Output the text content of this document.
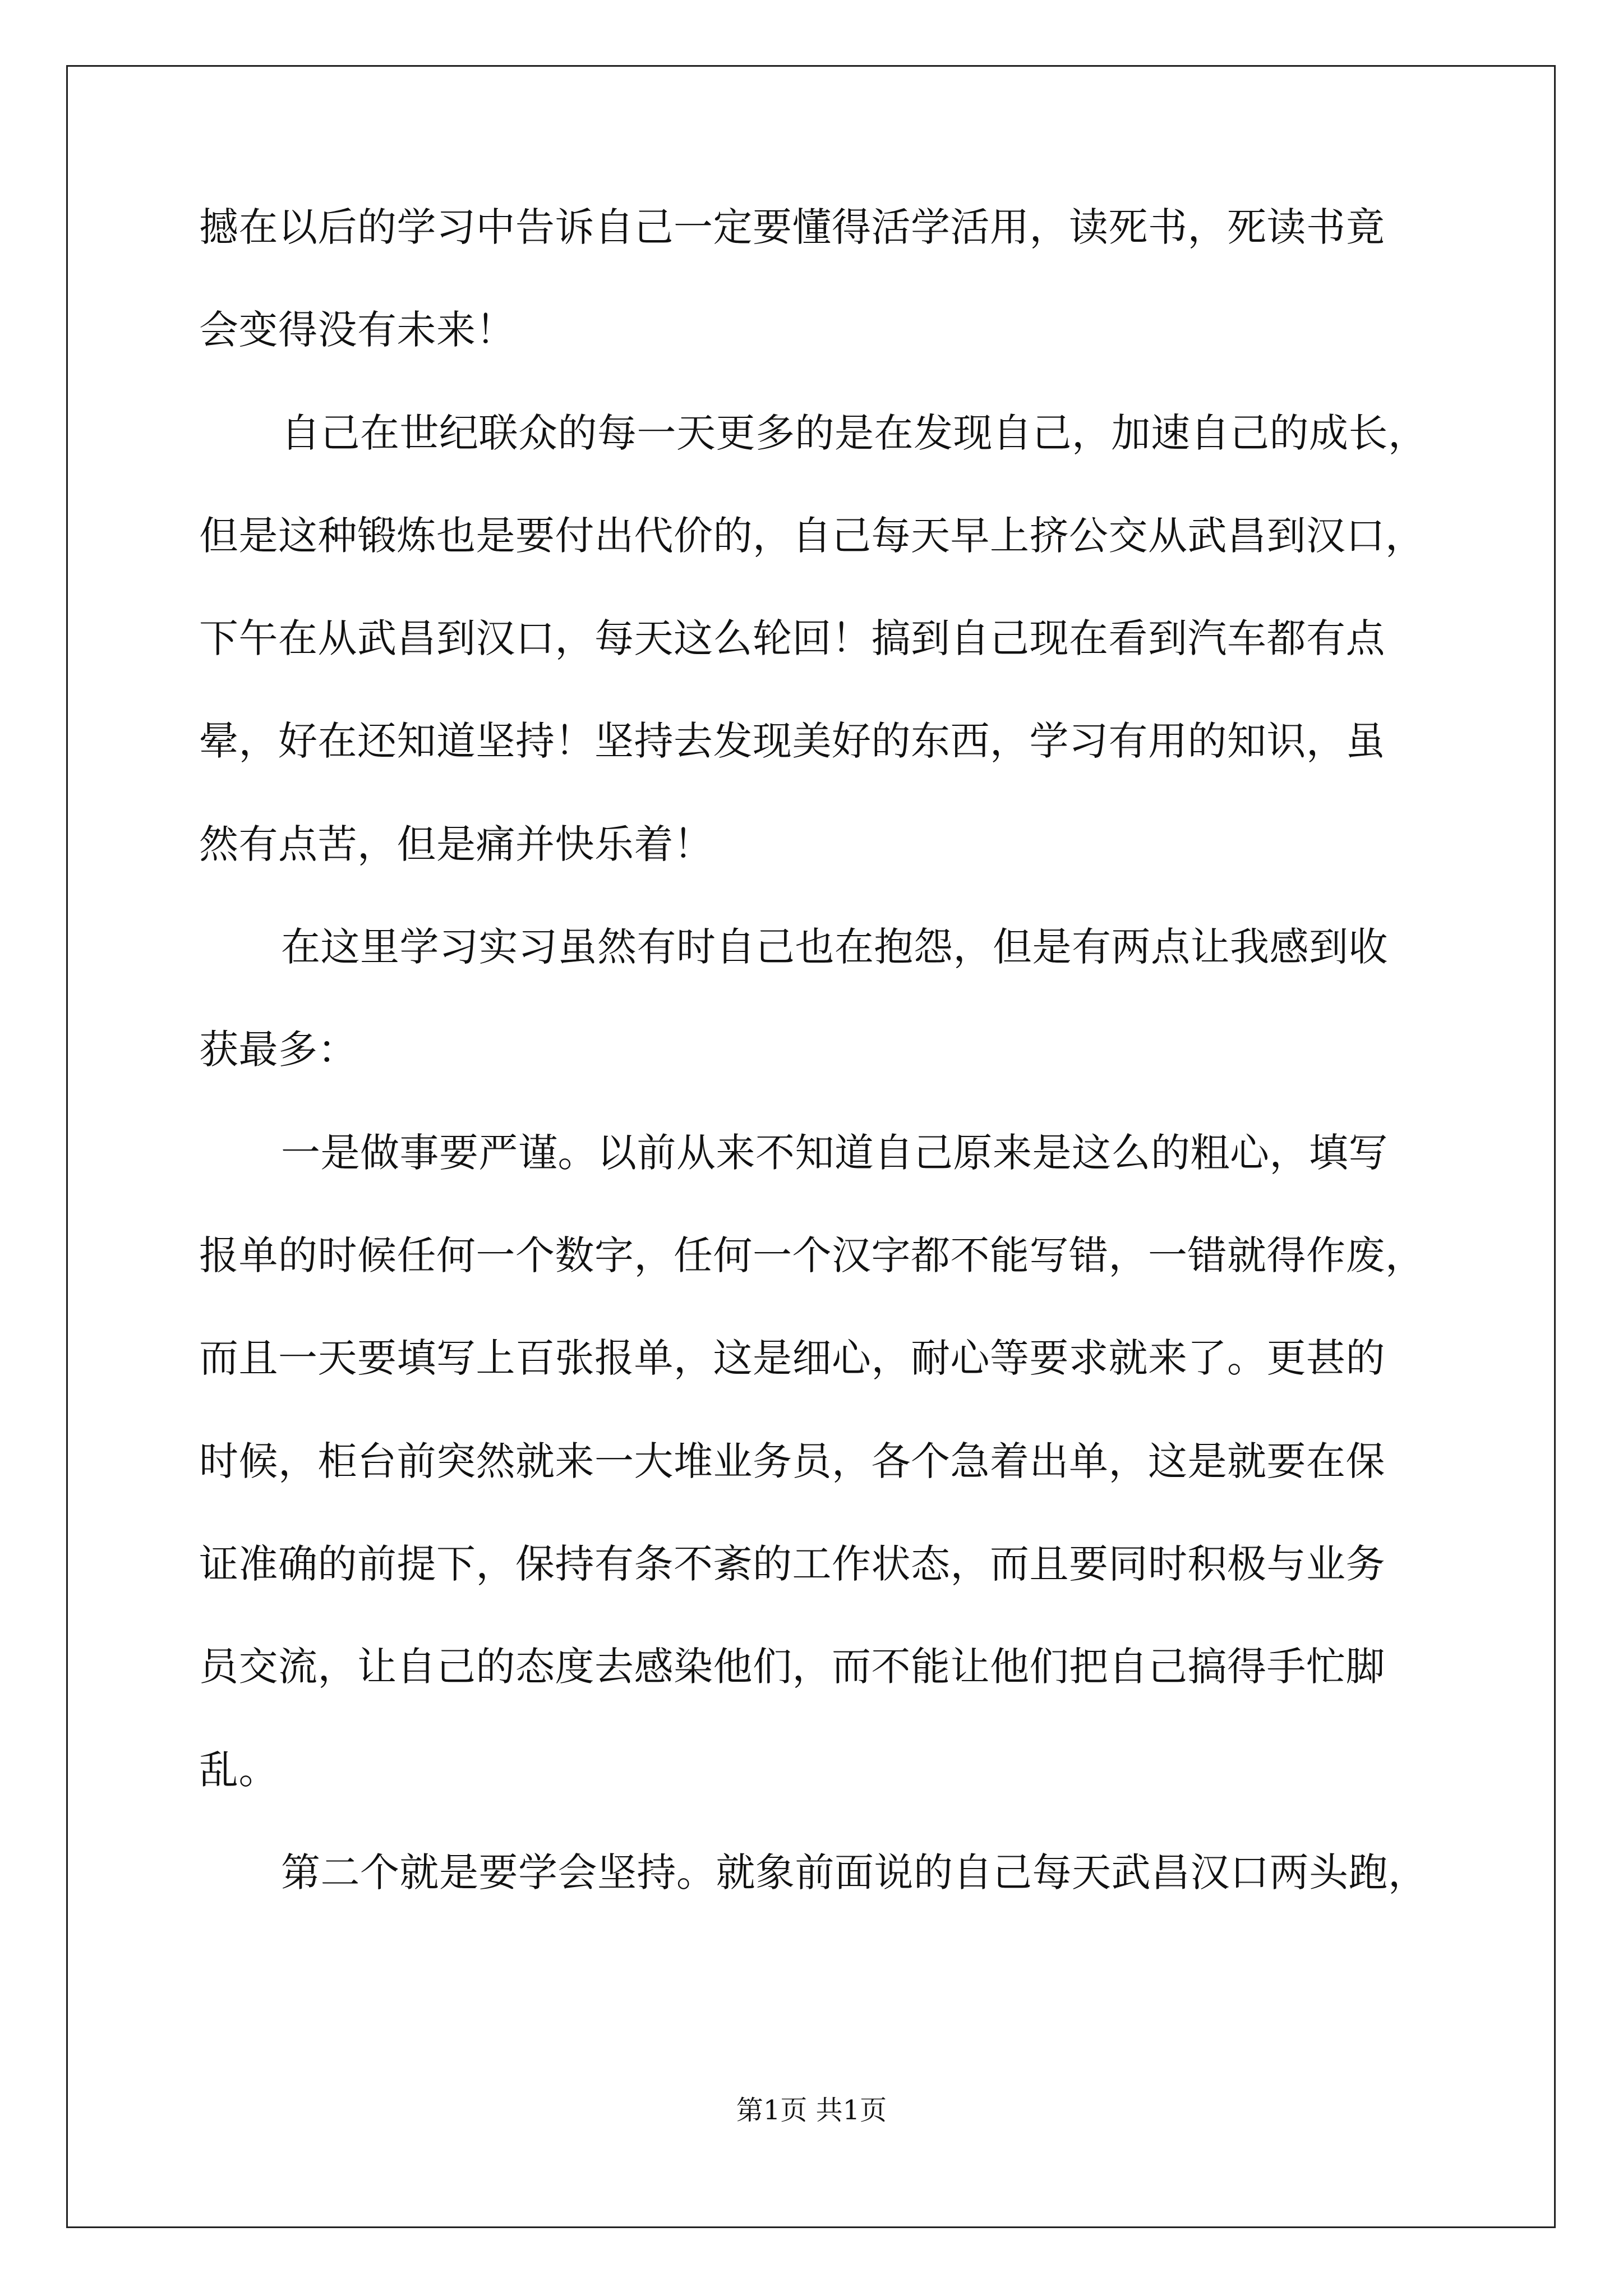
撼在以后的学习中告诉自己一定要懂得活学活用，读死书，死读书竟
会变得没有未来！
自己在世纪联众的每一天更多的是在发现自己，加速自己的成长，
但是这种锻炼也是要付出代价的，自己每天早上挤公交从武昌到汉口，
下午在从武昌到汉口，每天这么轮回！搞到自己现在看到汽车都有点
晕，好在还知道坚持！坚持去发现美好的东西，学习有用的知识，虽
然有点苦，但是痛并快乐着！
在这里学习实习虽然有时自己也在抱怨，但是有两点让我感到收
获最多：
一是做事要严谨。以前从来不知道自己原来是这么的粗心，填写
报单的时候任何一个数字，任何一个汉字都不能写错，一错就得作废，
而且一天要填写上百张报单，这是细心，耐心等要求就来了。更甚的
时候，柜台前突然就来一大堆业务员，各个急着出单，这是就要在保
证准确的前提下，保持有条不紊的工作状态，而且要同时积极与业务
员交流，让自己的态度去感染他们，而不能让他们把自己搞得手忙脚
乱。
第二个就是要学会坚持。就象前面说的自己每天武昌汉口两头跑，
第1页 共1页
